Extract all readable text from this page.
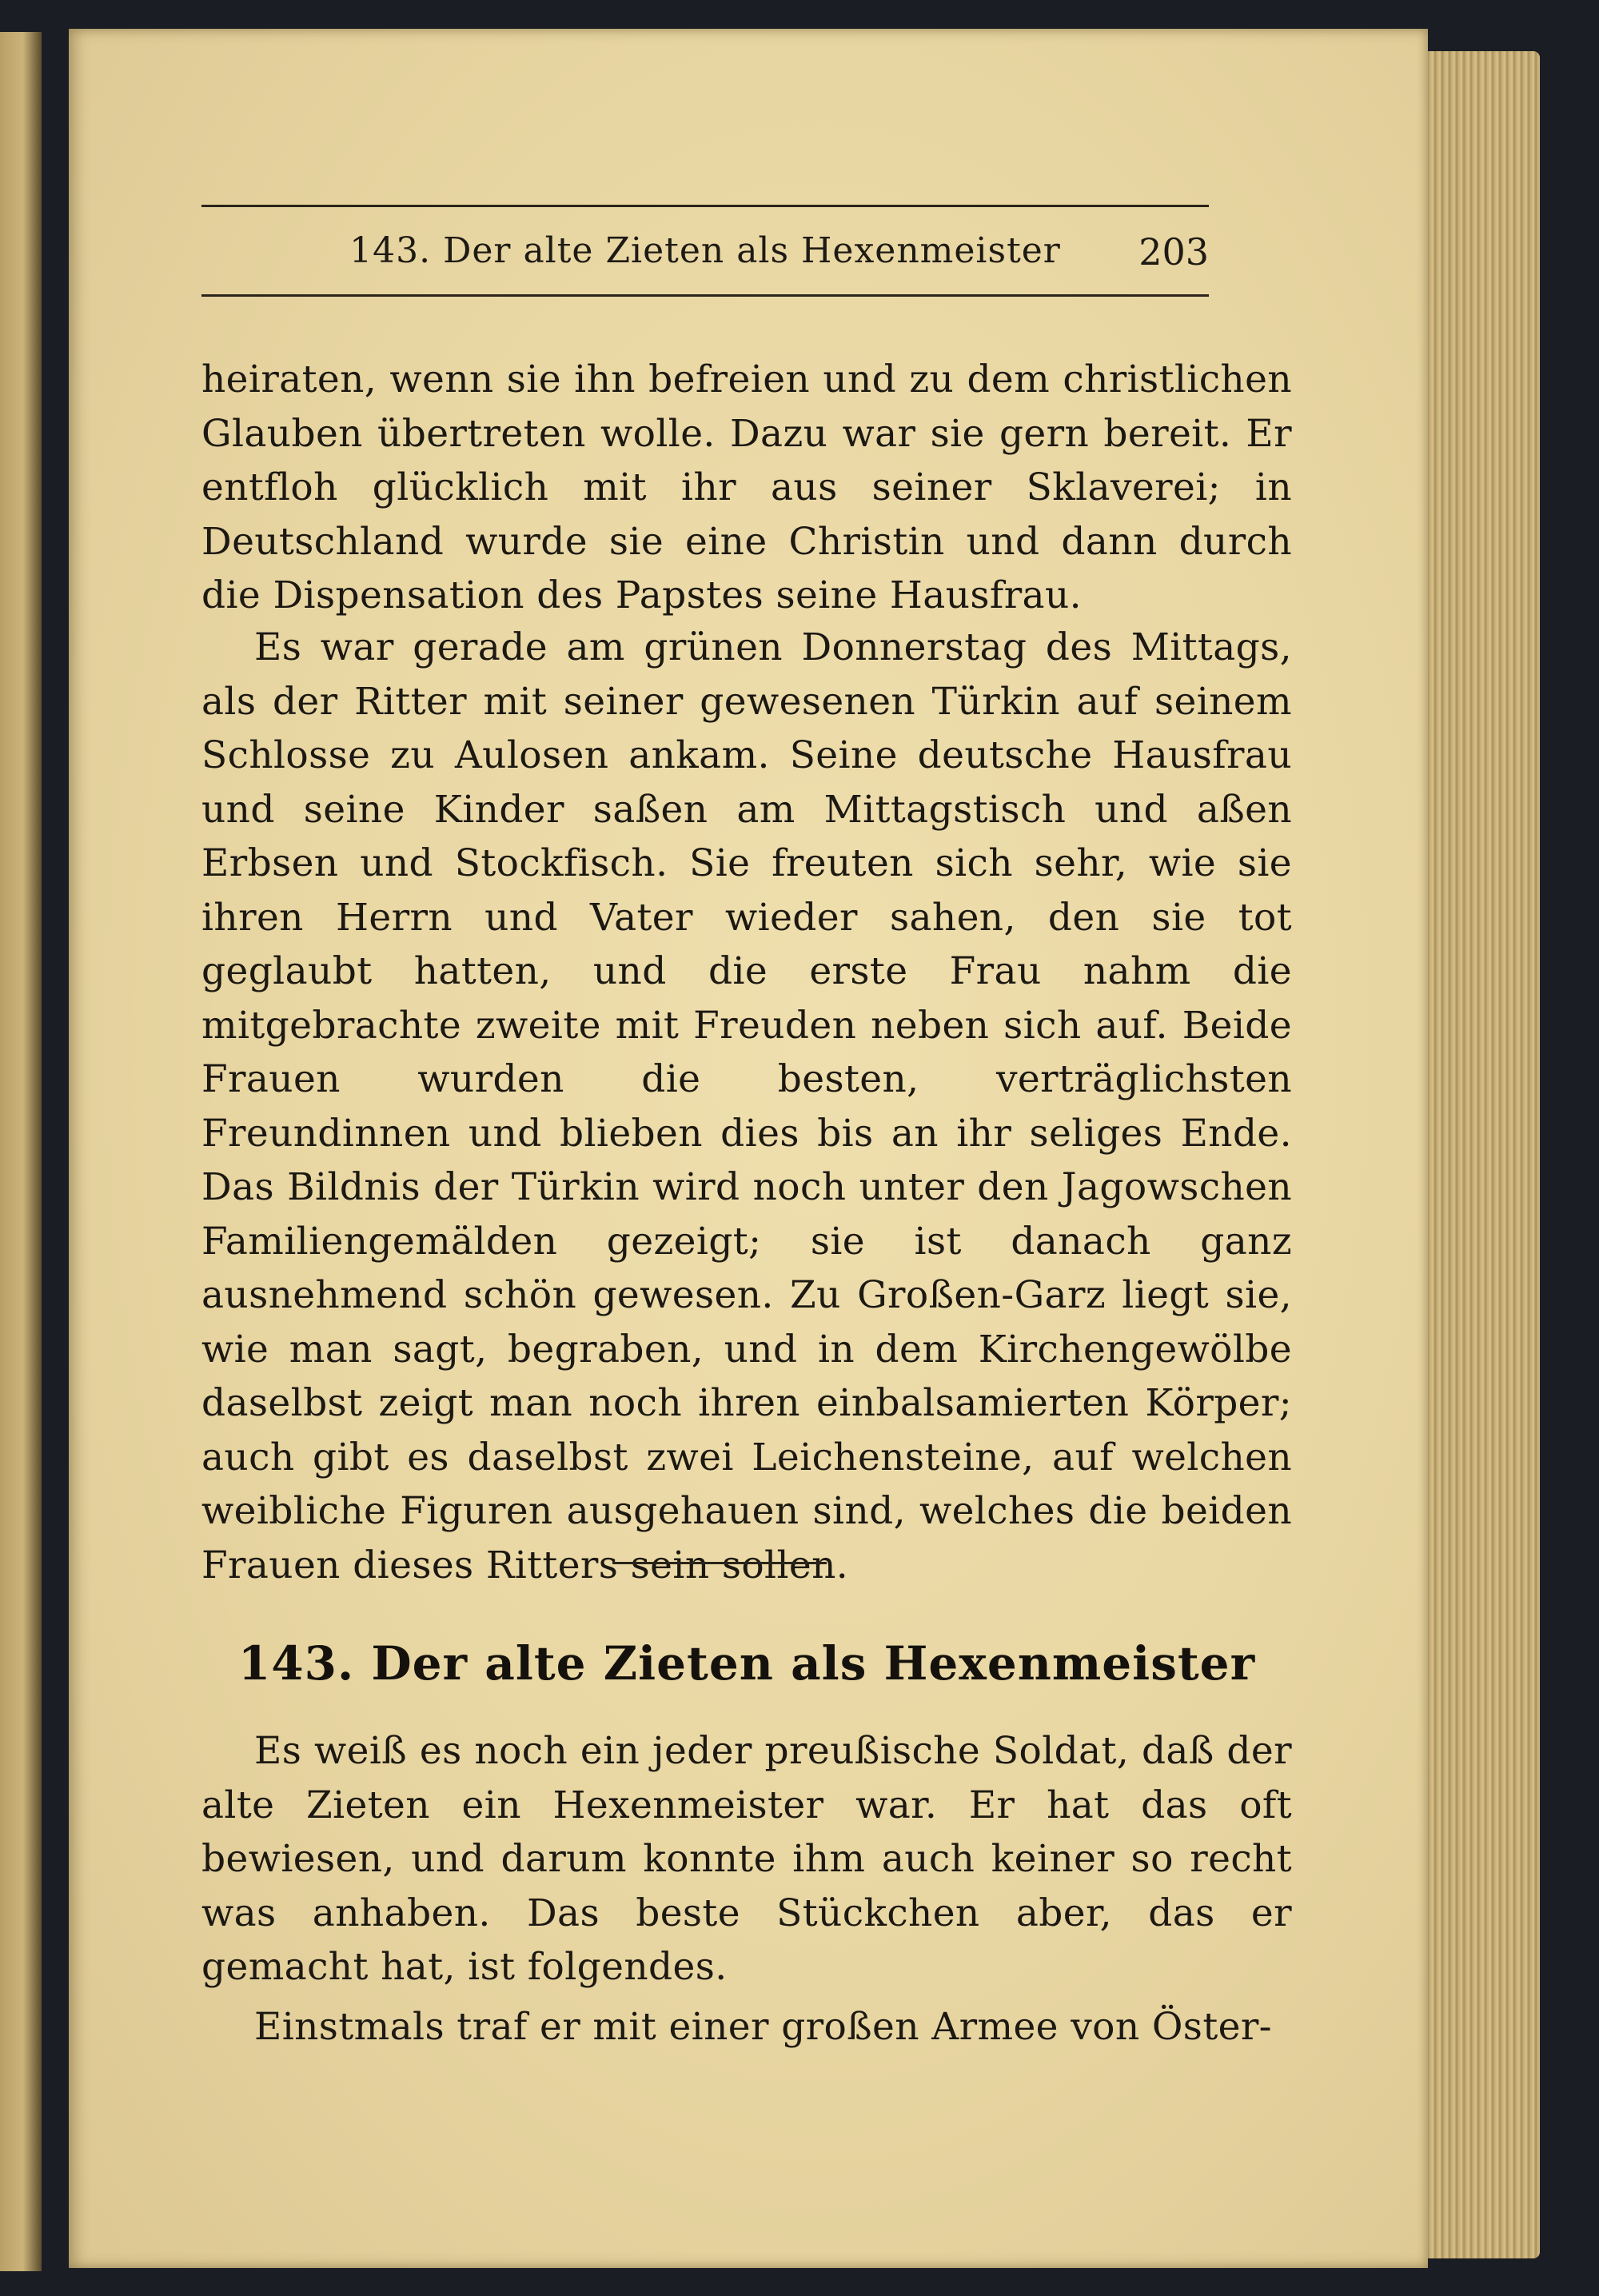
143. Der alte Zieten als Hexenmeister	203

heiraten, wenn sie ihn befreien und zu dem christlichen Glauben übertreten wolle. Dazu war sie gern bereit. Er entfloh glücklich mit ihr aus seiner Sklaverei; in Deutschland wurde sie eine Christin und dann durch die Dispensation des Papstes seine Hausfrau.

Es war gerade am grünen Donnerstag des Mittags, als der Ritter mit seiner gewesenen Türkin auf seinem Schlosse zu Aulosen ankam. Seine deutsche Hausfrau und seine Kinder saßen am Mittagstisch und aßen Erbsen und Stockfisch. Sie freuten sich sehr, wie sie ihren Herrn und Vater wieder sahen, den sie tot geglaubt hatten, und die erste Frau nahm die mitgebrachte zweite mit Freuden neben sich auf. Beide Frauen wurden die besten, verträglichsten Freundinnen und blieben dies bis an ihr seliges Ende. Das Bildnis der Türkin wird noch unter den Jagowschen Familiengemälden gezeigt; sie ist danach ganz ausnehmend schön gewesen. Zu Großen-Garz liegt sie, wie man sagt, begraben, und in dem Kirchengewölbe daselbst zeigt man noch ihren einbalsamierten Körper; auch gibt es daselbst zwei Leichensteine, auf welchen weibliche Figuren ausgehauen sind, welches die beiden Frauen dieses Ritters sein sollen.

143. Der alte Zieten als Hexenmeister

Es weiß es noch ein jeder preußische Soldat, daß der alte Zieten ein Hexenmeister war. Er hat das oft bewiesen, und darum konnte ihm auch keiner so recht was anhaben. Das beste Stückchen aber, das er gemacht hat, ist folgendes.

Einstmals traf er mit einer großen Armee von Öster-
